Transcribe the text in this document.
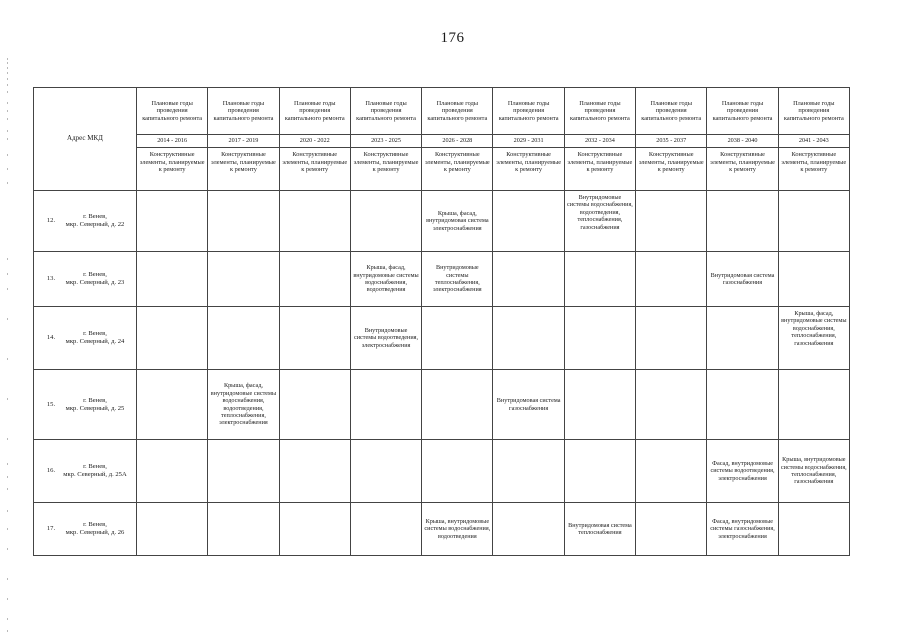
176
Адрес МКД	Плановые годы проведения капитального ремонта	Плановые годы проведения капитального ремонта	Плановые годы проведения капитального ремонта	Плановые годы проведения капитального ремонта	Плановые годы проведения капитального ремонта	Плановые годы проведения капитального ремонта	Плановые годы проведения капитального ремонта	Плановые годы проведения капитального ремонта	Плановые годы проведения капитального ремонта	Плановые годы проведения капитального ремонта
	2014 - 2016	2017 - 2019	2020 - 2022	2023 - 2025	2026 - 2028	2029 - 2031	2032 - 2034	2035 - 2037	2038 - 2040	2041 - 2043
	Конструктивные элементы, планируемые к ремонту	Конструктивные элементы, планируемые к ремонту	Конструктивные элементы, планируемые к ремонту	Конструктивные элементы, планируемые к ремонту	Конструктивные элементы, планируемые к ремонту	Конструктивные элементы, планируемые к ремонту	Конструктивные элементы, планируемые к ремонту	Конструктивные элементы, планируемые к ремонту	Конструктивные элементы, планируемые к ремонту	Конструктивные элементы, планируемые к ремонту

12.
г. Венев,
мкр. Северный, д. 22					Крыша, фасад, внутридомовая система электроснабжения		Внутридомовые системы водоснабжения, водоотведения, теплоснабжения, газоснабжения			

13.
г. Венев,
мкр. Северный, д. 23				Крыша, фасад, внутридомовые системы водоснабжения, водоотведения	Внутридомовые системы теплоснабжения, электроснабжения				Внутридомовая система газоснабжения	

14.
г. Венев,
мкр. Северный, д. 24				Внутридомовые системы водоотведения, электроснабжения						Крыша, фасад, внутридомовые системы водоснабжения, теплоснабжения, газоснабжения

15.
г. Венев,
мкр. Северный, д. 25		Крыша, фасад, внутридомовые системы водоснабжения, водоотведения, теплоснабжения, электроснабжения				Внутридомовая система газоснабжения				

16.
г. Венев,
мкр. Северный, д. 25А									Фасад, внутридомовые системы водоотведения, электроснабжения	Крыша, внутридомовые системы водоснабжения, теплоснабжения, газоснабжения

17.
г. Венев,
мкр. Северный, д. 26					Крыша, внутридомовые системы водоснабжения, водоотведения		Внутридомовая система теплоснабжения		Фасад, внутридомовые системы газоснабжения, электроснабжения	
